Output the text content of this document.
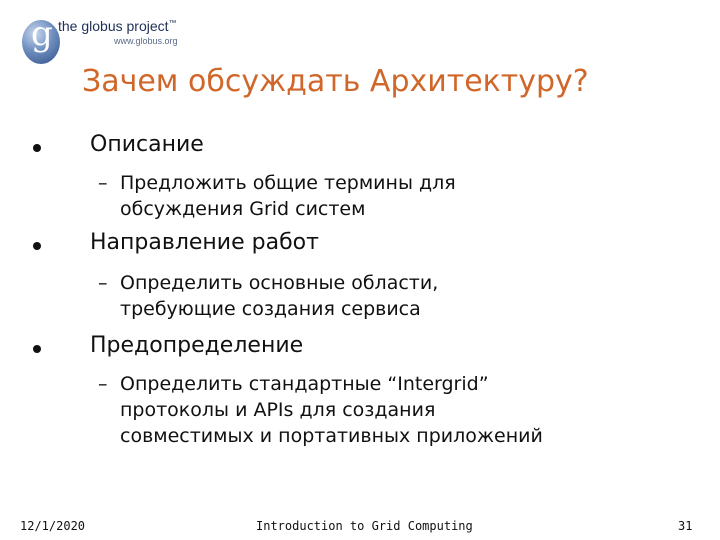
g the globus project™
www.globus.org
Зачем обсуждать Архитектуру?
Описание
– Предложить общие термины для
обсуждения Grid систем
Направление работ
– Определить основные области,
требующие создания сервиса
Предопределение
– Определить стандартные “Intergrid”
протоколы и APIs для создания
совместимых и портативных приложений
12/1/2020	Introduction to Grid Computing	31
